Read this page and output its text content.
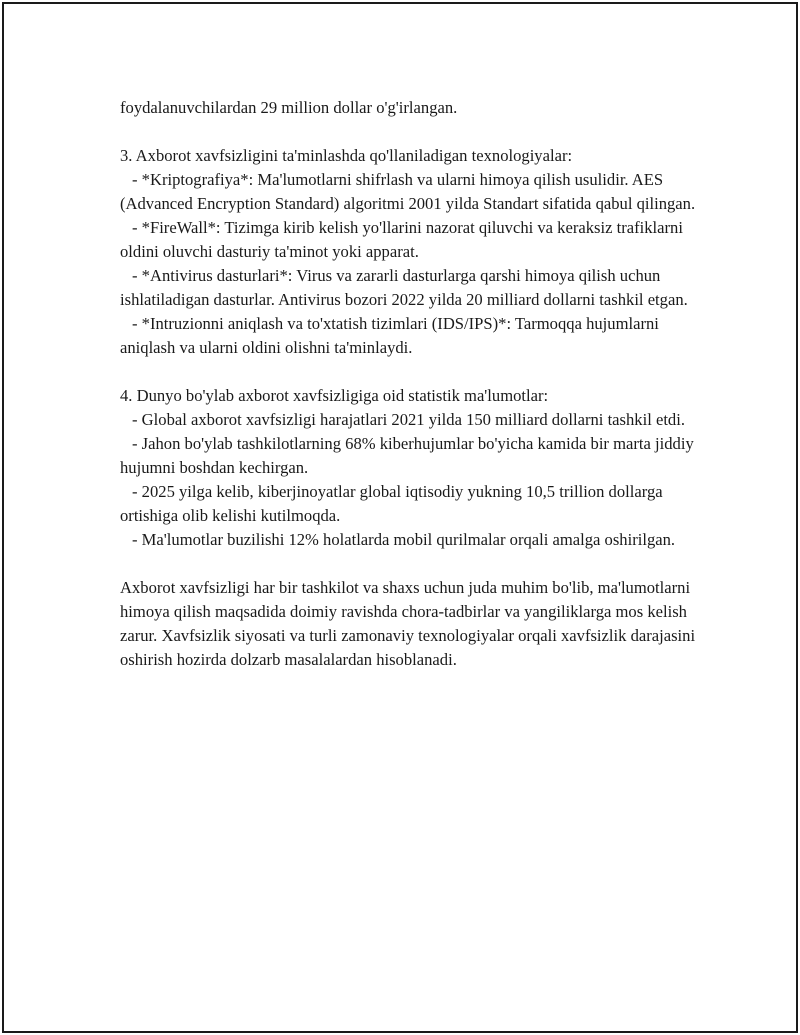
foydalanuvchilardan 29 million dollar o'g'irlangan.

3. Axborot xavfsizligini ta'minlashda qo'llaniladigan texnologiyalar:

- *Kriptografiya*: Ma'lumotlarni shifrlash va ularni himoya qilish usulidir. AES (Advanced Encryption Standard) algoritmi 2001 yilda Standart sifatida qabul qilingan.

- *FireWall*: Tizimga kirib kelish yo'llarini nazorat qiluvchi va keraksiz trafiklarni oldini oluvchi dasturiy ta'minot yoki apparat.

- *Antivirus dasturlari*: Virus va zararli dasturlarga qarshi himoya qilish uchun ishlatiladigan dasturlar. Antivirus bozori 2022 yilda 20 milliard dollarni tashkil etgan.

- *Intruzionni aniqlash va to'xtatish tizimlari (IDS/IPS)*: Tarmoqqa hujumlarni aniqlash va ularni oldini olishni ta'minlaydi.

4. Dunyo bo'ylab axborot xavfsizligiga oid statistik ma'lumotlar:

- Global axborot xavfsizligi harajatlari 2021 yilda 150 milliard dollarni tashkil etdi.

- Jahon bo'ylab tashkilotlarning 68% kiberhujumlar bo'yicha kamida bir marta jiddiy hujumni boshdan kechirgan.

- 2025 yilga kelib, kiberjinoyatlar global iqtisodiy yukning 10,5 trillion dollarga ortishiga olib kelishi kutilmoqda.

- Ma'lumotlar buzilishi 12% holatlarda mobil qurilmalar orqali amalga oshirilgan.

Axborot xavfsizligi har bir tashkilot va shaxs uchun juda muhim bo'lib, ma'lumotlarni himoya qilish maqsadida doimiy ravishda chora-tadbirlar va yangiliklarga mos kelish zarur. Xavfsizlik siyosati va turli zamonaviy texnologiyalar orqali xavfsizlik darajasini oshirish hozirda dolzarb masalalardan hisoblanadi.
